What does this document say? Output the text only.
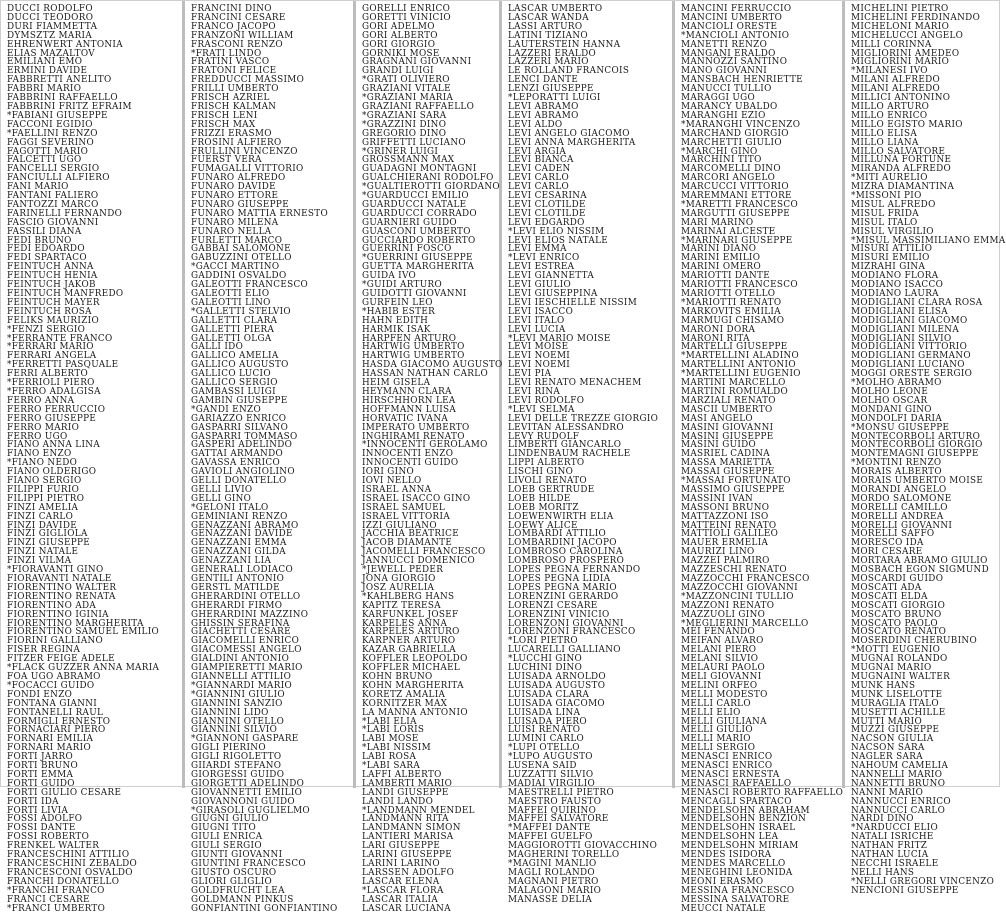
DUCCI RODOLFO
DUCCI TEODORO
DURI FIAMMETTA
DYMSZTZ MARIA
EHRENWERT ANTONIA
ELIAS MAZALTOV
EMILIANI EMO
ERMINI DAVIDE
FABBRETTI ANELITO
FABBRI MARIO
FABBRINI RAFFAELLO
FABBRINI FRITZ EFRAIM
*FABIANI GIUSEPPE
FACCONI EGIDIO
*FAELLINI RENZO
FAGGI SEVERINO
FAGOTTI MARIO
FALCETTI UGO
FANCELLI SERGIO
FANCIULLI ALFIERO
FANI MARIO
FANTANI FALIERO
FANTOZZI MARCO
FARINELLI FERNANDO
FASCIO GIOVANNI
FASSILI DIANA
FEDI BRUNO
FEDI EDOARDO
FEDI SPARTACO
FEINTUCH ANNA
FEINTUCH HENIA
FEINTUCH JAKOB
FEINTUCH MANFREDO
FEINTUCH MAYER
FEINTUCH ROSA
FELIKS MAURIZIO
*FENZI SERGIO
*FERRANTE FRANCO
*FERRARI MARIO
FERRARI ANGELA
*FERRETTI PASQUALE
FERRI ALBERTO
*FERRIOLI PIERO
*FERRO ADALGISA
FERRO ANNA
FERRO FERRUCCIO
FERRO GIUSEPPE
FERRO MARIO
FERRO UGO
FIANO ANNA LINA
FIANO ENZO
*FIANO NEDO
FIANO OLDERIGO
FIANO SERGIO
FILIPPI FURIO
FILIPPI PIETRO
FINZI AMELIA
FINZI CARLO
FINZI DAVIDE
FINZI GIGLIOLA
FINZI GIUSEPPE
FINZI NATALE
FINZI VILMA
*FIORAVANTI GINO
FIORAVANTI NATALE
FIORENTINO WALTER
FIORENTINO RENATA
FIORENTINO ADA
FIORENTINO IGINIA
FIORENTINO MARGHERITA
FIORENTINO SAMUEL EMILIO
FIORINI GALLIANO
FISER REGINA
FITZER FEIGE ADELE
*FLACK GUZZER ANNA MARIA
FOA UGO ABRAMO
*FOCACCI GUIDO
FONDI ENZO
FONTANA GIANNI
FONTANELLI RAUL
FORMIGLI ERNESTO
FORNACIARI PIERO
FORNARI EMILIA
FORNARI MARIO
FORTI JARRO
FORTI BRUNO
FORTI EMMA
FORTI GUIDO
FORTI GIULIO CESARE
FORTI IDA
FORTI LIVIA
FOSSI ADOLFO
FOSSI DANTE
FOSSI ROBERTO
FRENKEL WALTER
FRANCESCHINI ATTILIO
FRANCESCHINI ZEBALDO
FRANCESCONI OSVALDO
FRANCHI DONATELLO
*FRANCHI FRANCO
FRANCI CESARE
*FRANCI UMBERTO
FRANCINI DINO
FRANCINI CESARE
FRANCO JACOPO
FRANZONI WILLIAM
FRASCONI RENZO
*FRATI LINDO
FRATINI VASCO
FRATONI FELICE
FREDDUCCI MASSIMO
FRILLI UMBERTO
FRISCH AZRIEL
FRISCH KALMAN
FRISCH LENI
FRISCH MAX
FRIZZI ERASMO
FROSINI ALFIERO
FRULLINI VINCENZO
FUERST VERA
FUMAGALLI VITTORIO
FUNARO ALFREDO
FUNARO DAVIDE
FUNARO ETTORE
FUNARO GIUSEPPE
FUNARO MATTIA ERNESTO
FUNARO MILENA
FUNARO NELLA
FURLETTI MARCO
GABBAI SALOMONE
GABUZZINI OTELLO
*GACCI MARTINO
GADDINI OSVALDO
GALEOTTI FRANCESCO
GALEOTTI ELIO
GALEOTTI LINO
*GALLETTI STELVIO
GALLETTI CLARA
GALLETTI PIERA
GALLETTI OLGA
GALLI IDO
GALLICO AMELIA
GALLICO AUGUSTO
GALLICO LUCIO
GALLICO SERGIO
GAMBASSI LUIGI
GAMBIN GIUSEPPE
*GANDI ENZO
GARIAZZO ENRICO
GASPARRI SILVANO
GASPARRI TOMMASO
GASPERI ADELINDO
GATTAI ARMANDO
GAVASSA ENRICO
GAVIOLI ANGIOLINO
GELLI DONATELLO
GELLI LIVIO
GELLI GINO
*GELONI ITALO
GEMINIANI RENZO
GENAZZANI ABRAMO
GENAZZANI DAVIDE
GENAZZANI EMMA
GENAZZANI GILDA
GENAZZANI LIA
GENERALI LODIACO
GENTILI ANTONIO
GERSTL MATILDE
GHERARDINI OTELLO
GHERARDI FIRMO
GHERARDINI MAZZINO
GHISSIN SERAFINA
GIACHETTI CESARE
GIACOMELLI ENRICO
GIACOMESSI ANGELO
GIALDINI ANTONIO
GIAMPIERETTI MARIO
GIANNELLI ATTILIO
*GIANNARDI MARIO
*GIANNINI GIULIO
GIANNINI SANZIO
GIANNINI LIDO
GIANNINI OTELLO
GIANNINI SILVIO
*GIANNONI GASPARE
GIGLI PIERINO
GIGLI RIGOLETTO
GIIARDI STEFANO
GIORGESSI GUIDO
GIORGETTI ADELINDO
GIOVANNETTI EMILIO
GIOVANNONI GUIDO
*GIRASOLI GUGLIELMO
GIUGNI GIULIO
GIUGNI TITO
GIULI ENRICA
GIULI SERGIO
GIUNTI GIOVANNI
GIUNTINI FRANCESCO
GIUSTO OSCURO
GLIORI GLIGLIO
GOLDFRUCHT LEA
GOLDMANN PINKUS
GONFIANTINI GONFIANTINO
GORELLI ENRICO
GORETTI VINICIO
GORI ADELMO
GORI ALBERTO
GORI GIORGIO
GORNIKI MOSE
GRAGNANI GIOVANNI
GRANDI LUIGI
*GRATI OLIVIERO
GRAZIANI VITALE
*GRAZIANI MARIA
GRAZIANI RAFFAELLO
*GRAZIANI SARA
*GRAZZINI DINO
GREGORIO DINO
GRIFFETTI LUCIANO
*GRINER LUIGI
GROSSMANN MAX
GUADAGNI MONTAGNI
GUALCHIERANI RODOLFO
*GUALTIEROTTI GIORDANO
*GUARDUCCI EMILIO
GUARDUCCI NATALE
GUARDUCCI CORRADO
GUARNIERI GUIDO
GUASCONI UMBERTO
GUCCIARDO ROBERTO
GUERRINI FOSCO
*GUERRINI GIUSEPPE
GUETTA MARGHERITA
GUIDA IVO
*GUIDI ARTURO
GUIDOTTI GIOVANNI
GURFEIN LEO
*HABIB ESTER
HAHN EDITH
HARMIK ISAK
HARPFEN ARTURO
HARTWIG UMBERTO
HARTWIG UMBERTO
HASDA GIACOMO AUGUSTO
HASSAN NATHAN CARLO
HEIM GISELA
HEYMANN CLARA
HIRSCHHORN LEA
HOFFMANN LUISA
HORVATIC IVANA
IMPERATO UMBERTO
INGHIRAMI RENATO
*INNOCENTI GEROLAMO
INNOCENTI ENZO
INNOCENTI GUIDO
IORI GINO
IOVI NELLO
ISRAEL ANNA
ISRAEL ISACCO GINO
ISRAEL SAMUEL
ISRAEL VITTORIA
IZZI GIULIANO
JACCHIA BEATRICE
JACOB DIAMANTE
JACOMELLI FRANCESCO
JANNUCCI DOMENICO
*JEWELL PEDER
JONA GIORGIO
JOSZ AURELIA
*KAHLBERG HANS
KAPITZ TERESA
KARFUNKEL JOSEF
KARPELES ANNA
KARPELES ARTURO
KARPNER ARTURO
KAZAR GABRIELLA
KOFFLER LEOPOLDO
KOFFLER MICHAEL
KOHN BRUNO
KOHN MARGHERITA
KORETZ AMALIA
KORNITZER MAX
LA MANNA ANTONIO
*LABI ELIA
*LABI LORIS
LABI MOSE
*LABI NISSIM
LABI ROSA
*LABI SARA
LAFFI ALBERTO
LAMBERTI MARIO
LANDI GIUSEPPE
LANDI LANDO
*LANDMANN MENDEL
LANDMANN RITA
LANDMANN SIMON
LANTIERI MARISA
LARI GIUSEPPE
LARINI GIUSEPPE
LARINI LARINO
LARSSEN ADOLFO
LASCAR ELENA
*LASCAR FLORA
LASCAR ITALIA
LASCAR LUCIANA
LASCAR UMBERTO
LASCAR WANDA
LASSI ARTURO
LATINI TIZIANO
LAUTERSTEIN HANNA
LAZZERI ERALDO
LAZZERI MARIO
LE ROLLAND FRANCOIS
LENCI DANTE
LENZI GIUSEPPE
*LEPORATTI LUIGI
LEVI ABRAMO
LEVI ABRAMO
LEVI ALDO
LEVI ANGELO GIACOMO
LEVI ANNA MARGHERITA
LEVI ARGIA
LEVI BIANCA
LEVI CADEN
LEVI CARLO
LEVI CARLO
LEVI CESARINA
LEVI CLOTILDE
LEVI CLOTILDE
LEVI EDGARDO
*LEVI ELIO NISSIM
LEVI ELIOS NATALE
LEVI EMMA
*LEVI ENRICO
LEVI ESTREA
LEVI GIANNETTA
LEVI GIULIO
LEVI GIUSEPPINA
LEVI IESCHIELLE NISSIM
LEVI ISACCO
LEVI ITALO
LEVI LUCIA
*LEVI MARIO MOISE
LEVI MOISE
LEVI NOEMI
LEVI NOEMI
LEVI PIA
LEVI RENATO MENACHEM
LEVI RINA
LEVI RODOLFO
*LEVI SELMA
LEVI DELLE TREZZE GIORGIO
LEVITAN ALESSANDRO
LEVY RUDOLF
LIMBERTI GIANCARLO
LINDENBAUM RACHELE
LIPPI ALBERTO
LISCHI GINO
LIVOLI RENATO
LOEB GERTRUDE
LOEB HILDE
LOEB MORITZ
LOEWENWIRTH ELIA
LOEWY ALICE
LOMBARDI ATTILIO
LOMBARDINI JACOPO
LOMBROSO CAROLINA
LOMBROSO PROSPERO
LOPES PEGNA FERNANDO
LOPES PEGNA LIDIA
LOPES PEGNA MARIO
LORENZINI GERARDO
LORENZI CESARE
LORENZINI VINICIO
LORENZONI GIOVANNI
LORENZONI FRANCESCO
*LORI PIETRO
LUCARELLI GALLIANO
*LUCCHI GINO
LUCHINI DINO
LUISADA ARNOLDO
LUISADA AUGUSTO
LUISADA CLARA
LUISADA GIACOMO
LUISADA LINA
LUISADA PIERO
LUISI RENATO
LUMINI CARLO
*LUPI OTELLO
*LUPO AUGUSTO
LUSENA SAID
LUZZATTI SILVIO
MADIAI VIRGILIO
MAESTRELLI PIETRO
MAESTRO FAUSTO
MAFFEI QUIRINO
MAFFEI SALVATORE
*MAFFEI DANTE
MAFFEI GUELFO
MAGGIOROTTI GIOVACCHINO
MAGHERINI TORELLO
*MAGINI MANLIO
MAGLI ROLANDO
MAGNANI PIETRO
MALAGONI MARIO
MANASSE DELIA
MANCINI FERRUCCIO
MANCINI UMBERTO
MANCIOLI ORESTE
*MANCIOLI ANTONIO
MANETTI RENZO
MANGANI ERALDO
MANNOZZI SANTINO
MANO GIOVANNI
MANSBACH HENRIETTE
MANUCCI TULLIO
MARAGGI UGO
MARANCY UBALDO
MARANGHI EZIO
*MARANGHI VINCENZO
MARCHAND GIORGIO
MARCHETTI GIULIO
*MARCHI GINO
MARCHINI TITO
MARCOMELLI DINO
MARCORI ANGELO
MARCUCCI VITTORIO
MAREMMANI ETTORE
*MARETTI FRANCESCO
MARGUTTI GIUSEPPE
MARI MARINO
MARINAI ALCESTE
*MARINARI GIUSEPPE
MARINI DIANO
MARINI EMILIO
MARINI OMERO
MARIOTTI DANTE
MARIOTTI FRANCESCO
MARIOTTI OTELLO
*MARIOTTI RENATO
MARKOVITS EMILIA
MARMUGI CHISAMO
MARONI DORA
MARONI RITA
MARTELLI GIUSEPPE
*MARTELLINI ALADINO
MARTELLINI ANTONIO
*MARTELLINI EUGENIO
MARTINI MARCELLO
MARTINI ROMUALDO
MARZIALI RENATO
MASCII UMBERTO
MASI ANGELO
MASINI GIOVANNI
MASINI GIUSEPPE
MASINI GUIDO
MASRIEL CADINA
MASSA MARIETTA
MASSAI GIUSEPPE
*MASSAI FORTUNATO
MASSIMO GIUSEPPE
MASSINI IVAN
MASSONI BRUNO
MATTAZZONI ISO
MATTEINI RENATO
MATTIOLI GALILEO
MAUER ERMELIA
MAURIZI LINO
MAZZEI PALMIRO
MAZZESCHI RENATO
MAZZOCCHI FRANCESCO
MAZZOCCHI GIOVANNI
*MAZZONCINI TULLIO
MAZZONI RENATO
MAZZUOLI GINO
*MEGLIERINI MARCELLO
MEI FENANDO
MEIFAN ALVARO
MELANI PIERO
MELANI SILVIO
MELAURI PAOLO
MELI GIOVANNI
MELINI ORFEO
MELLI MODESTO
MELLI CARLO
MELLI ELIO
MELLI GIULIANA
MELLI GIULIO
MELLI MARIO
MELLI SERGIO
MENASCI ENRICO
MENASCI ENRICO
MENASCI ERNESTA
MENASCI RAFFAELLO
MENASCI ROBERTO RAFFAELLO
MENCAGLI SPARTACO
MENDELSOHN ABRAHAM
MENDELSOHN BENZION
MENDELSOHN ISRAEL
MENDELSOHN LEA
MENDELSOHN MIRIAM
MENDES ISIDORA
MENDES MARCELLO
MENEGHINI LEONIDA
MEONI ERASMO
MESSINA FRANCESCO
MESSINA SALVATORE
MEUCCI NATALE
MICHELINI PIETRO
MICHELINI FERDINANDO
MICHELONI MARIO
MICHELUCCI ANGELO
MILLI CORINNA
MIGLIORINI AMEDEO
MIGLIORINI MARIO
*MILANESI IVO
MILANI ALFREDO
MILANI ALFREDO
MILLICI ANTONINO
MILLO ARTURO
MILLO ENRICO
MILLO EGISTO MARIO
MILLO ELISA
MILLO LIANA
MILLO SALVATORE
MILLUNA FORTUNE
MIRANDA ALFREDO
*MITI AURELIO
MIZRA DIAMANTINA
*MISSONI PIO
MISUL ALFREDO
MISUL FRIDA
MISUL ITALO
MISUL VIRGILIO
*MISUL MASSIMILIANO EMMA
MISURI ATTILIO
MISURI EMILIO
MIZRAHI GINA
MODIANO FLORA
MODIANO ISACCO
MODIANO LAURA
MODIGLIANI CLARA ROSA
MODIGLIANI ELISA
MODIGLIANI GIACOMO
MODIGLIANI MILENA
MODIGLIANI SILVIO
MODIGLIANI VITTORIO
MODIGLIANI GERMANO
MODIGLIANI LUCIANO
MOGGI ORESTE SERGIO
*MOLHO ABRAMO
MOLHO LEONE
MOLHO OSCAR
MONDANI GINO
MONDOLFI DARIA
*MONSU GIUSEPPE
MONTECORBOLI ARTURO
MONTECORBOLI GIORGIO
MONTEMAGNI GIUSEPPE
*MONTINI RENZO
MORAIS ALBERTO
MORAIS UMBERTO MOISE
MORANDI ANGELO
MORDO SALOMONE
MORELLI CAMILLO
MORELLI ANDREA
MORELLI GIOVANNI
MORELLI SAFFO
MORESCO IDA
MORI CESARE
MORTARA ABRAMO GIULIO
MOSBACH EGON SIGMUND
MOSCARDI GUIDO
MOSCATI ADA
MOSCATI ELDA
MOSCATI GIORGIO
MOSCATO BRUNO
MOSCATO PAOLO
MOSCATO RENATO
MOSERDINI CHERUBINO
*MOTTI EUGENIO
MUGNAI ROLANDO
MUGNAI MARIO
MUGNAINI WALTER
MUNK HANS
MUNK LISELOTTE
MURAGLIA ITALO
MUSETTI ACHILLE
MUTTI MARIO
MUZZI GIUSEPPE
NACSON GIULIA
NACSON SARA
NAGLER SARA
NAHOUM CAMELIA
NANNELLI MARIO
NANNETTI BRUNO
NANNI MARIO
NANNUCCI ENRICO
NANNUCCI CARLO
NARDI DINO
*NARDUCCI ELIO
NATALI ISRICHE
NATHAN FRITZ
NATHAN LUCIA
NECCHI ISRAELE
NELLI HANS
*NELLI GREGORI VINCENZO
NENCIONI GIUSEPPE
